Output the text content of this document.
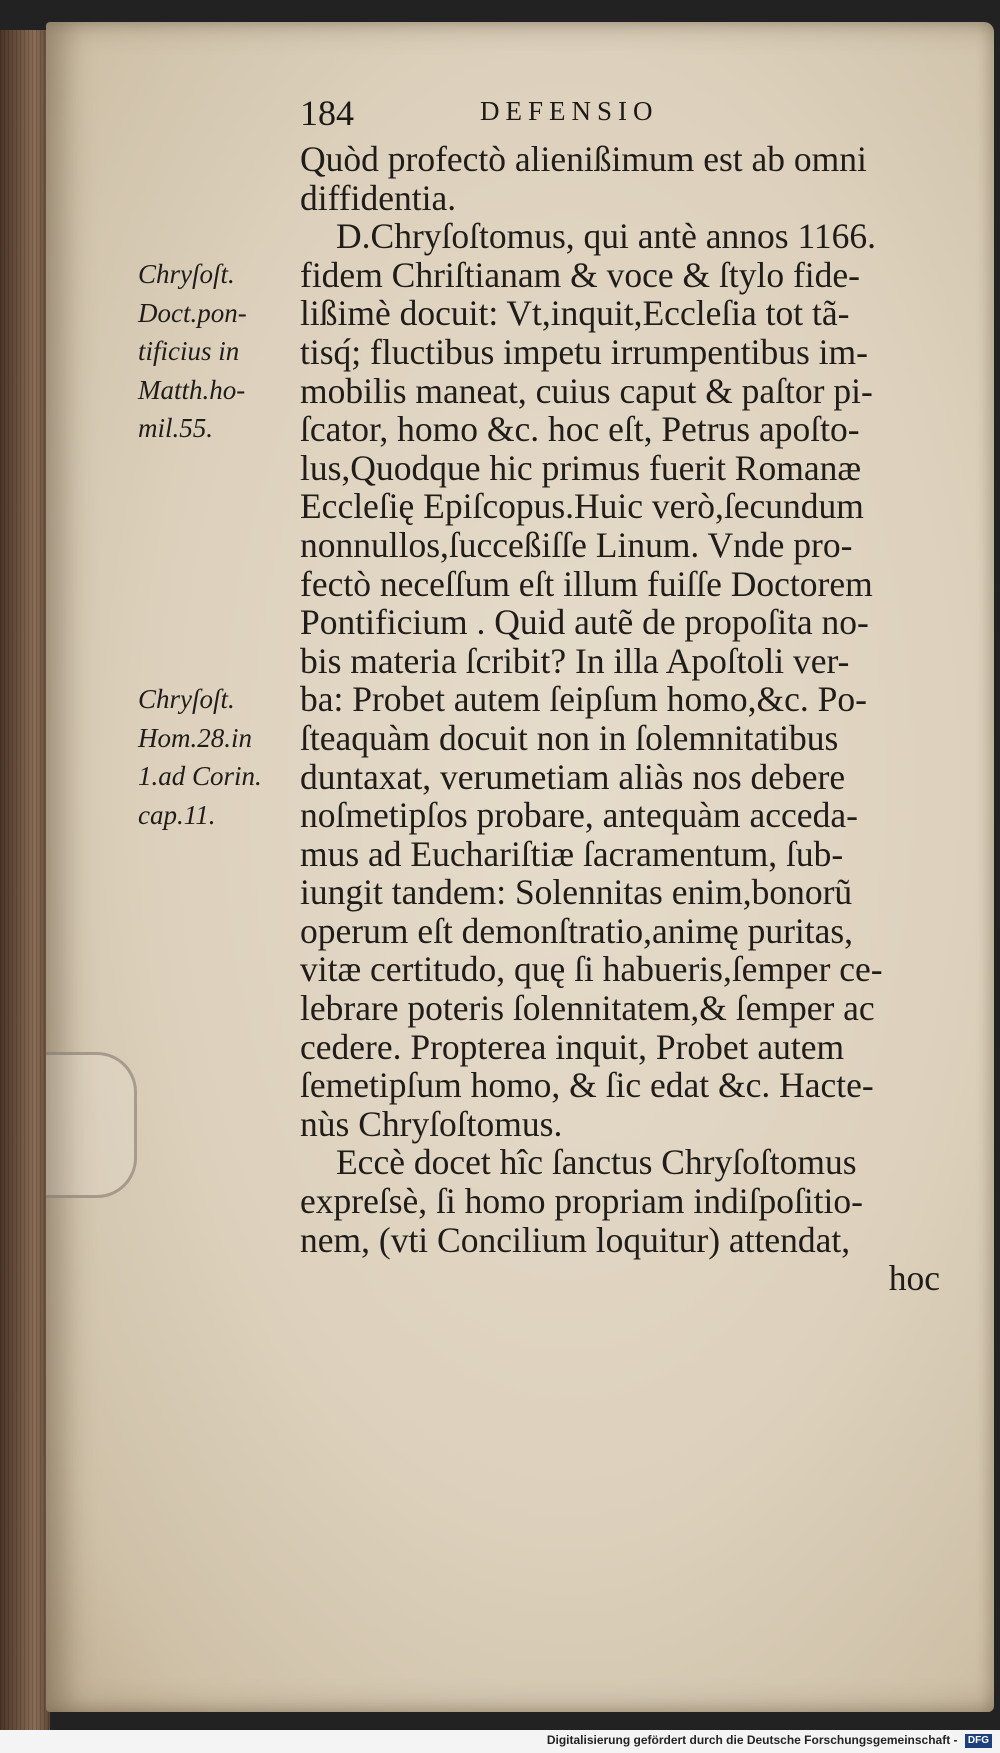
184	DEFENSIO
Chryſoſt.
Doct.pon-
tificius in
Matth.ho-
mil.55.
Chryſoſt.
Hom.28.in
1.ad Corin.
cap.11.
Quòd profectò alienißimum est ab omni
diffidentia.
D.Chryſoſtomus, qui antè annos 1166.
fidem Chriſtianam & voce & ſtylo fide-
lißimè docuit: Vt,inquit,Eccleſia tot tã-
tisq́; fluctibus impetu irrumpentibus im-
mobilis maneat, cuius caput & paſtor pi-
ſcator, homo &c. hoc eſt, Petrus apoſto-
lus,Quodque hic primus fuerit Romanæ
Eccleſię Epiſcopus.Huic verò,ſecundum
nonnullos,ſucceßiſſe Linum. Vnde pro-
fectò neceſſum eſt illum fuiſſe Doctorem
Pontificium . Quid autẽ de propoſita no-
bis materia ſcribit? In illa Apoſtoli ver-
ba: Probet autem ſeipſum homo,&c. Po-
ſteaquàm docuit non in ſolemnitatibus
duntaxat, verumetiam aliàs nos debere
noſmetipſos probare, antequàm acceda-
mus ad Euchariſtiæ ſacramentum, ſub-
iungit tandem: Solennitas enim,bonorũ
operum eſt demonſtratio,animę puritas,
vitæ certitudo, quę ſi habueris,ſemper ce-
lebrare poteris ſolennitatem,& ſemper ac
cedere. Propterea inquit, Probet autem
ſemetipſum homo, & ſic edat &c. Hacte-
nùs Chryſoſtomus.
Eccè docet hîc ſanctus Chryſoſtomus
expreſsè, ſi homo propriam indiſpoſitio-
nem, (vti Concilium loquitur) attendat,
hoc
Digitalisierung gefördert durch die Deutsche Forschungsgemeinschaft - DFG
